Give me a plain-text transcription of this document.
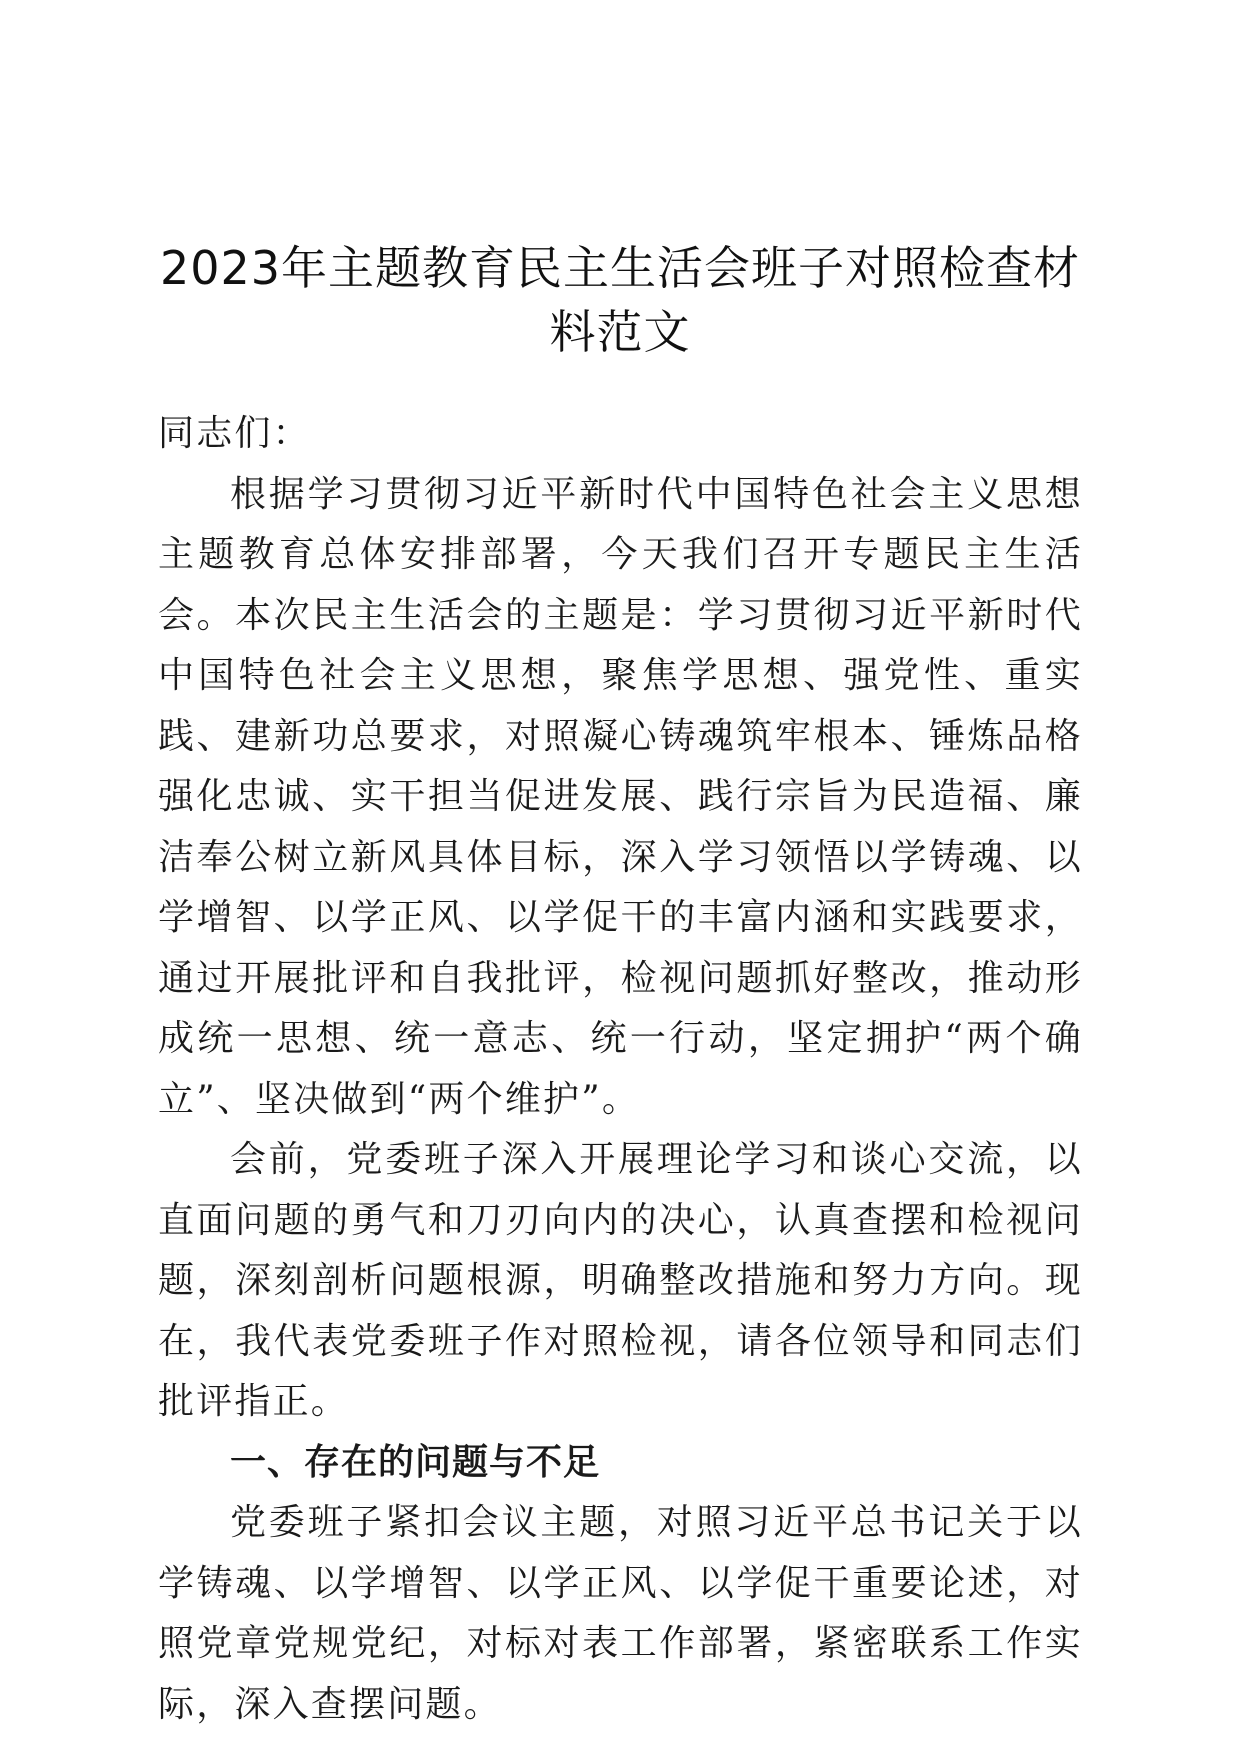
2023年主题教育民主生活会班子对照检查材料范文

同志们：

根据学习贯彻习近平新时代中国特色社会主义思想主题教育总体安排部署，今天我们召开专题民主生活会。本次民主生活会的主题是：学习贯彻习近平新时代中国特色社会主义思想，聚焦学思想、强党性、重实践、建新功总要求，对照凝心铸魂筑牢根本、锤炼品格强化忠诚、实干担当促进发展、践行宗旨为民造福、廉洁奉公树立新风具体目标，深入学习领悟以学铸魂、以学增智、以学正风、以学促干的丰富内涵和实践要求，通过开展批评和自我批评，检视问题抓好整改，推动形成统一思想、统一意志、统一行动，坚定拥护“两个确立”、坚决做到“两个维护”。

会前，党委班子深入开展理论学习和谈心交流，以直面问题的勇气和刀刃向内的决心，认真查摆和检视问题，深刻剖析问题根源，明确整改措施和努力方向。现在，我代表党委班子作对照检视，请各位领导和同志们批评指正。

一、存在的问题与不足

党委班子紧扣会议主题，对照习近平总书记关于以学铸魂、以学增智、以学正风、以学促干重要论述，对照党章党规党纪，对标对表工作部署，紧密联系工作实际，深入查摆问题。
